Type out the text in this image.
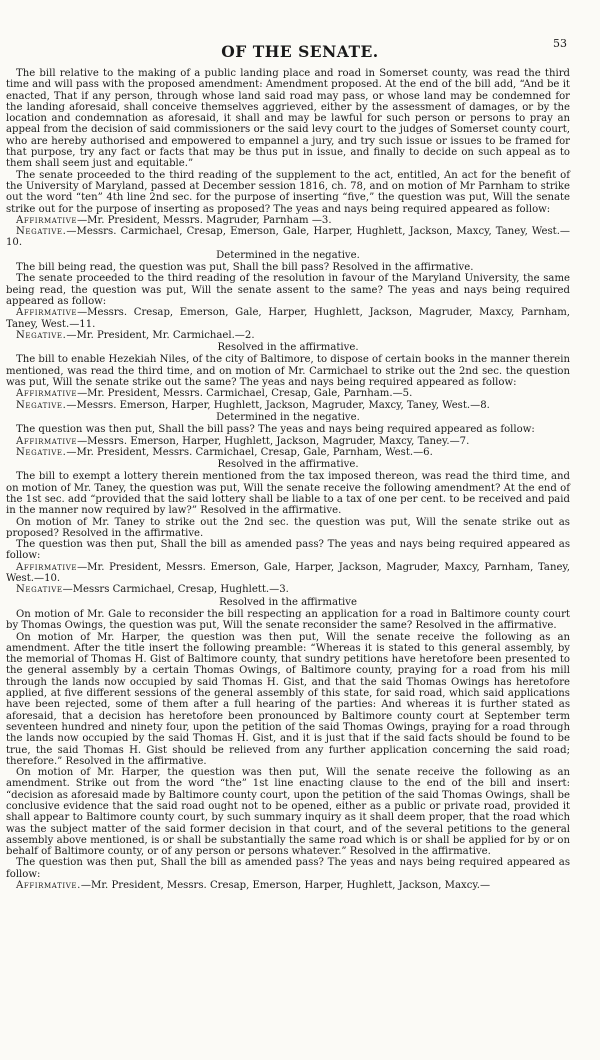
OF THE SENATE.	53

The bill relative to the making of a public landing place and road in Somerset county, was read the third time and will pass with the proposed amendment: Amendment proposed. At the end of the bill add, “And be it enacted, That if any person, through whose land said road may pass, or whose land may be condemned for the landing aforesaid, shall conceive themselves aggrieved, either by the assessment of damages, or by the location and condemnation as aforesaid, it shall and may be lawful for such person or persons to pray an appeal from the decision of said commissioners or the said levy court to the judges of Somerset county court, who are hereby authorised and empowered to empannel a jury, and try such issue or issues to be framed for that purpose, try any fact or facts that may be thus put in issue, and finally to decide on such appeal as to them shall seem just and equitable.”

The senate proceeded to the third reading of the supplement to the act, entitled, An act for the benefit of the University of Maryland, passed at December session 1816, ch. 78, and on motion of Mr Parnham to strike out the word “ten” 4th line 2nd sec. for the purpose of inserting “five,” the question was put, Will the senate strike out for the purpose of inserting as proposed? The yeas and nays being required appeared as follow:

Affirmative—Mr. President, Messrs. Magruder, Parnham —3.

Negative.—Messrs. Carmichael, Cresap, Emerson, Gale, Harper, Hughlett, Jackson, Maxcy, Taney, West.—10.

Determined in the negative.

The bill being read, the question was put, Shall the bill pass? Resolved in the affirmative.

The senate proceeded to the third reading of the resolution in favour of the Maryland University, the same being read, the question was put, Will the senate assent to the same? The yeas and nays being required appeared as follow:

Affirmative—Messrs. Cresap, Emerson, Gale, Harper, Hughlett, Jackson, Magruder, Maxcy, Parnham, Taney, West.—11.

Negative.—Mr. President, Mr. Carmichael.—2.

Resolved in the affirmative.

The bill to enable Hezekiah Niles, of the city of Baltimore, to dispose of certain books in the manner therein mentioned, was read the third time, and on motion of Mr. Carmichael to strike out the 2nd sec. the question was put, Will the senate strike out the same? The yeas and nays being required appeared as follow:

Affirmative—Mr. President, Messrs. Carmichael, Cresap, Gale, Parnham.—5.

Negative.—Messrs. Emerson, Harper, Hughlett, Jackson, Magruder, Maxcy, Taney, West.—8.

Determined in the negative.

The question was then put, Shall the bill pass? The yeas and nays being required appeared as follow:

Affirmative—Messrs. Emerson, Harper, Hughlett, Jackson, Magruder, Maxcy, Taney.—7.

Negative.—Mr. President, Messrs. Carmichael, Cresap, Gale, Parnham, West.—6.

Resolved in the affirmative.

The bill to exempt a lottery therein mentioned from the tax imposed thereon, was read the third time, and on motion of Mr. Taney, the question was put, Will the senate receive the following amendment? At the end of the 1st sec. add “provided that the said lottery shall be liable to a tax of one per cent. to be received and paid in the manner now required by law?” Resolved in the affirmative.

On motion of Mr. Taney to strike out the 2nd sec. the question was put, Will the senate strike out as proposed? Resolved in the affirmative.

The question was then put, Shall the bill as amended pass? The yeas and nays being required appeared as follow:

Affirmative—Mr. President, Messrs. Emerson, Gale, Harper, Jackson, Magruder, Maxcy, Parnham, Taney, West.—10.

Negative—Messrs Carmichael, Cresap, Hughlett.—3.

Resolved in the affirmative

On motion of Mr. Gale to reconsider the bill respecting an application for a road in Baltimore county court by Thomas Owings, the question was put, Will the senate reconsider the same? Resolved in the affirmative.

On motion of Mr. Harper, the question was then put, Will the senate receive the following as an amendment. After the title insert the following preamble: “Whereas it is stated to this general assembly, by the memorial of Thomas H. Gist of Baltimore county, that sundry petitions have heretofore been presented to the general assembly by a certain Thomas Owings, of Baltimore county, praying for a road from his mill through the lands now occupied by said Thomas H. Gist, and that the said Thomas Owings has heretofore applied, at five different sessions of the general assembly of this state, for said road, which said applications have been rejected, some of them after a full hearing of the parties: And whereas it is further stated as aforesaid, that a decision has heretofore been pronounced by Baltimore county court at September term seventeen hundred and ninety four, upon the petition of the said Thomas Owings, praying for a road through the lands now occupied by the said Thomas H. Gist, and it is just that if the said facts should be found to be true, the said Thomas H. Gist should be relieved from any further application concerning the said road; therefore.” Resolved in the affirmative.

On motion of Mr. Harper, the question was then put, Will the senate receive the following as an amendment. Strike out from the word “the” 1st line enacting clause to the end of the bill and insert: “decision as aforesaid made by Baltimore county court, upon the petition of the said Thomas Owings, shall be conclusive evidence that the said road ought not to be opened, either as a public or private road, provided it shall appear to Baltimore county court, by such summary inquiry as it shall deem proper, that the road which was the subject matter of the said former decision in that court, and of the several petitions to the general assembly above mentioned, is or shall be substantially the same road which is or shall be applied for by or on behalf of Baltimore county, or of any person or persons whatever.” Resolved in the affirmative.

The question was then put, Shall the bill as amended pass? The yeas and nays being required appeared as follow:

Affirmative.—Mr. President, Messrs. Cresap, Emerson, Harper, Hughlett, Jackson, Maxcy.—
